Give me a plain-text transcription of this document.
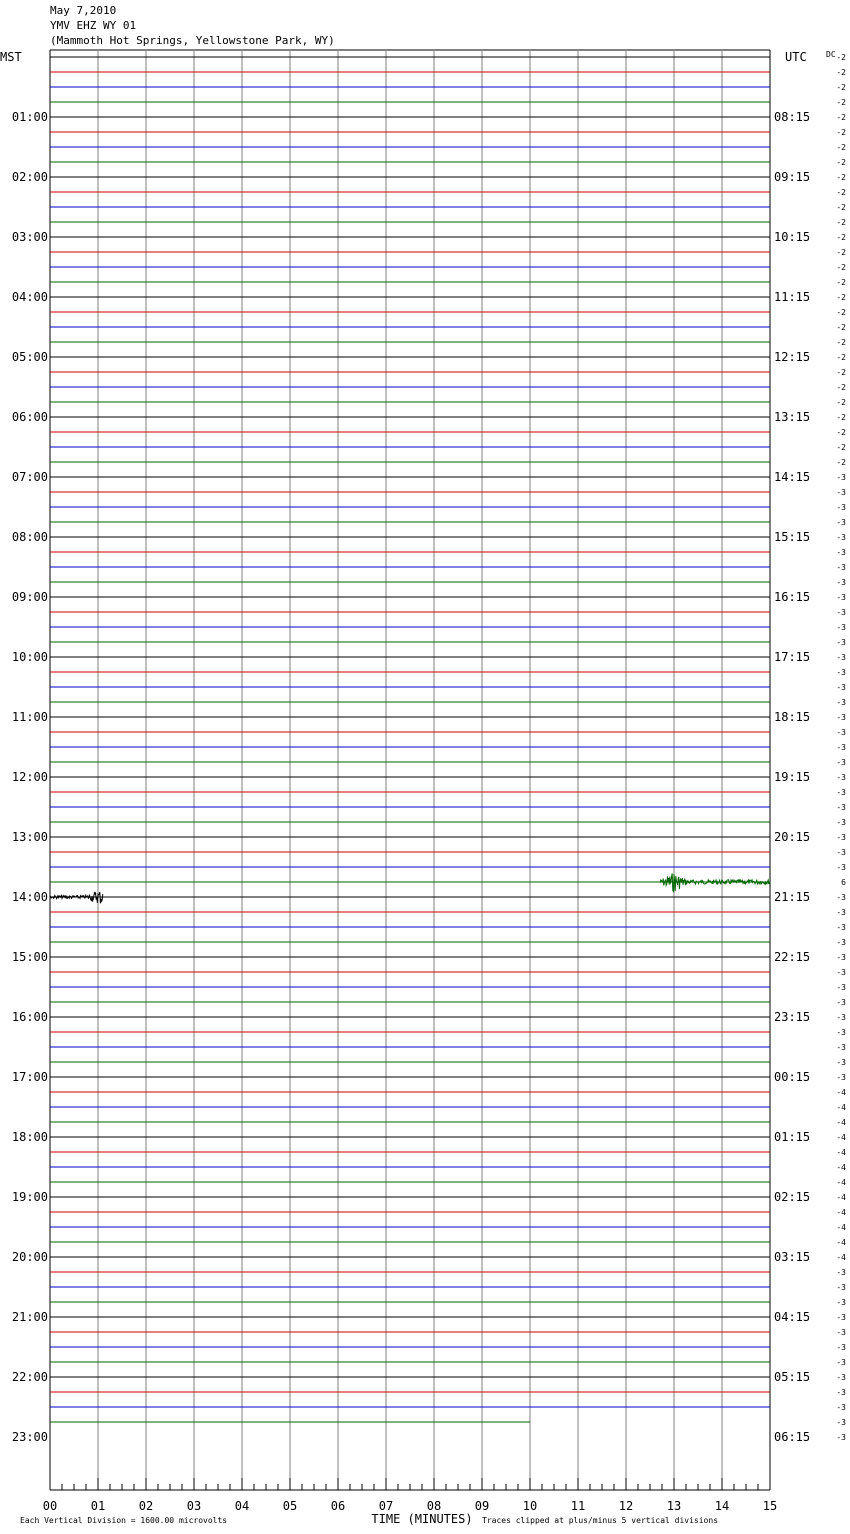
May 7,2010
YMV EHZ WY 01
(Mammoth Hot Springs, Yellowstone Park, WY)
MST	UTC DC
01:00
02:00
03:00
04:00
05:00
06:00
07:00
08:00
09:00
10:00
11:00
12:00
13:00
14:00
15:00
16:00
17:00
18:00
19:00
20:00
21:00
22:00
23:00
08:15
09:15
10:15
11:15
12:15
13:15
14:15
15:15
16:15
17:15
18:15
19:15
20:15
21:15
22:15
23:15
00:15
01:15
02:15
03:15
04:15
05:15
06:15
-2
-2
-2
-2
-2
-2
-2
-2
-2
-2
-2
-2
-2
-2
-2
-2
-2
-2
-2
-2
-2
-2
-2
-2
-2
-2
-2
-2
-3
-3
-3
-3
-3
-3
-3
-3
-3
-3
-3
-3
-3
-3
-3
-3
-3
-3
-3
-3
-3
-3
-3
-3
-3
-3
-3
6
-3
-3
-3
-3
-3
-3
-3
-3
-3
-3
-3
-3
-3
-4
-4
-4
-4
-4
-4
-4
-4
-4
-4
-4
-4
-3
-3
-3
-3
-3
-3
-3
-3
-3
-3
-3
-3
00	01	02	03	04	05	06	07	08	09	10	11	12	13	14	15
Each Vertical Division = 1600.00 microvolts	TIME (MINUTES) Traces clipped at plus/minus 5 vertical divisions
